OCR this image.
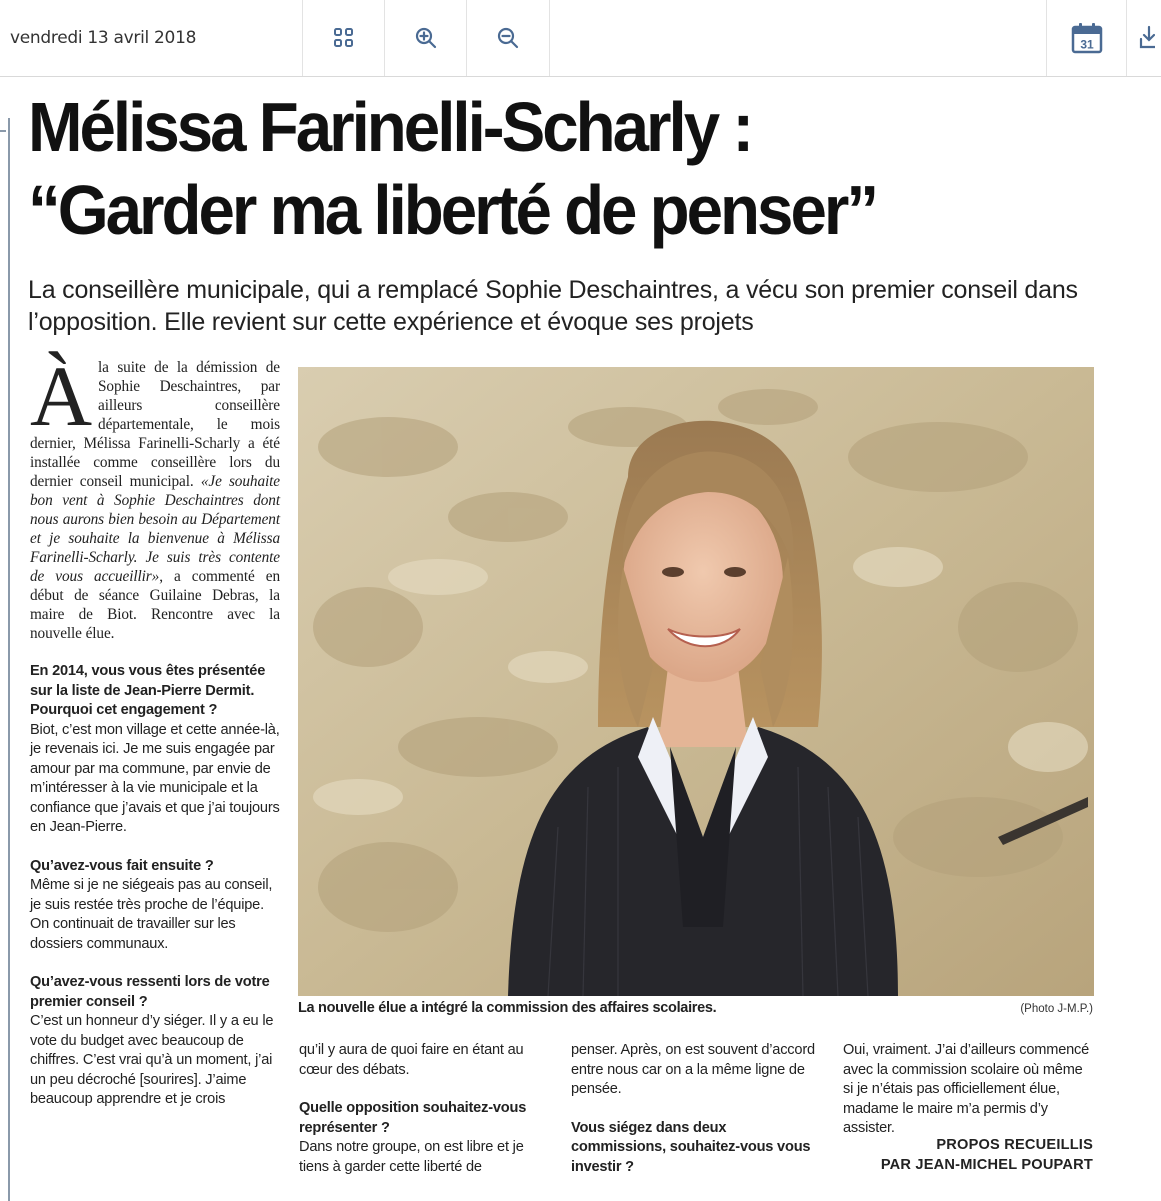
vendredi 13 avril 2018	31
Mélissa Farinelli-Scharly :
“Garder ma liberté de penser”

La conseillère municipale, qui a remplacé Sophie Deschaintres, a vécu son premier conseil dans l’opposition. Elle revient sur cette expérience et évoque ses projets

La nouvelle élue a intégré la commission des affaires scolaires.	(Photo J-M.P.)

Àla suite de la démission de Sophie Deschaintres, par ailleurs conseillère départementale, le mois dernier, Mélissa Farinelli-Scharly a été installée comme conseillère lors du dernier conseil municipal. «Je souhaite bon vent à Sophie Deschaintres dont nous aurons bien besoin au Département et je souhaite la bienvenue à Mélissa Farinelli-Scharly. Je suis très contente de vous accueillir», a commenté en début de séance Guilaine Debras, la maire de Biot. Rencontre avec la nouvelle élue.

En 2014, vous vous êtes présentée sur la liste de Jean-Pierre Dermit. Pourquoi cet engagement ?

Biot, c’est mon village et cette année-là, je revenais ici. Je me suis engagée par amour par ma commune, par envie de m’intéresser à la vie municipale et la confiance que j’avais et que j’ai toujours en Jean-Pierre.

Qu’avez-vous fait ensuite ?

Même si je ne siégeais pas au conseil, je suis restée très proche de l’équipe. On continuait de travailler sur les dossiers communaux.

Qu’avez-vous ressenti lors de votre premier conseil ?

C’est un honneur d’y siéger. Il y a eu le vote du budget avec beaucoup de chiffres. C’est vrai qu’à un moment, j’ai un peu décroché [sourires]. J’aime beaucoup apprendre et je crois

qu’il y aura de quoi faire en étant au cœur des débats.

Quelle opposition souhaitez-vous représenter ?

Dans notre groupe, on est libre et je tiens à garder cette liberté de

penser. Après, on est souvent d’accord entre nous car on a la même ligne de pensée.

Vous siégez dans deux commissions, souhaitez-vous vous investir ?

Oui, vraiment. J’ai d’ailleurs commencé avec la commission scolaire où même si je n’étais pas officiellement élue, madame le maire m’a permis d’y assister.

PROPOS RECUEILLIS
PAR JEAN-MICHEL POUPART
